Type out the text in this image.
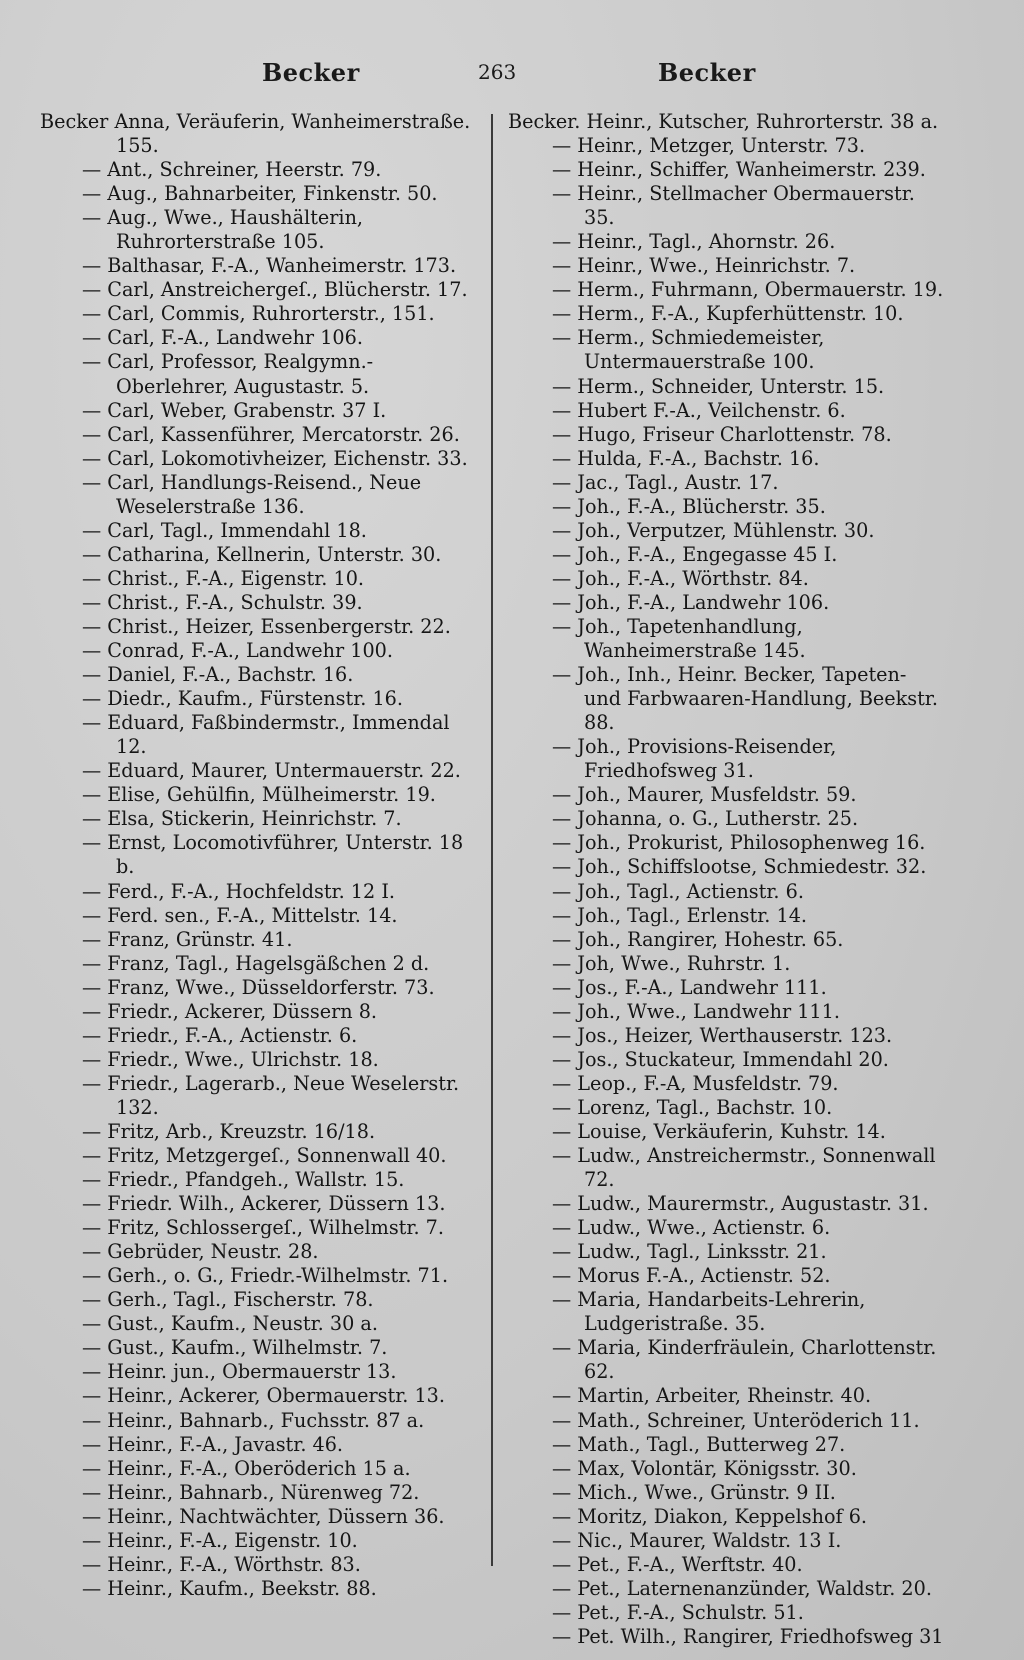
Becker	263	Becker

Becker Anna, Veräuferin, Wanheimerstraße. 155.

— Ant., Schreiner, Heerstr. 79.

— Aug., Bahnarbeiter, Finkenstr. 50.

— Aug., Wwe., Haushälterin, Ruhrorterstraße 105.

— Balthasar, F.-A., Wanheimerstr. 173.

— Carl, Anstreichergeſ., Blücherstr. 17.

— Carl, Commis, Ruhrorterstr., 151.

— Carl, F.-A., Landwehr 106.

— Carl, Professor, Realgymn.-Oberlehrer, Augustastr. 5.

— Carl, Weber, Grabenstr. 37 I.

— Carl, Kassenführer, Mercatorstr. 26.

— Carl, Lokomotivheizer, Eichenstr. 33.

— Carl, Handlungs-Reisend., Neue Weselerstraße 136.

— Carl, Tagl., Immendahl 18.

— Catharina, Kellnerin, Unterstr. 30.

— Christ., F.-A., Eigenstr. 10.

— Christ., F.-A., Schulstr. 39.

— Christ., Heizer, Essenbergerstr. 22.

— Conrad, F.-A., Landwehr 100.

— Daniel, F.-A., Bachstr. 16.

— Diedr., Kaufm., Fürstenstr. 16.

— Eduard, Faßbindermstr., Immendal 12.

— Eduard, Maurer, Untermauerstr. 22.

— Elise, Gehülfin, Mülheimerstr. 19.

— Elsa, Stickerin, Heinrichstr. 7.

— Ernst, Locomotivführer, Unterstr. 18 b.

— Ferd., F.-A., Hochfeldstr. 12 I.

— Ferd. sen., F.-A., Mittelstr. 14.

— Franz, Grünstr. 41.

— Franz, Tagl., Hagelsgäßchen 2 d.

— Franz, Wwe., Düsseldorferstr. 73.

— Friedr., Ackerer, Düssern 8.

— Friedr., F.-A., Actienstr. 6.

— Friedr., Wwe., Ulrichstr. 18.

— Friedr., Lagerarb., Neue Weselerstr. 132.

— Fritz, Arb., Kreuzstr. 16/18.

— Fritz, Metzgergeſ., Sonnenwall 40.

— Friedr., Pfandgeh., Wallstr. 15.

— Friedr. Wilh., Ackerer, Düssern 13.

— Fritz, Schlossergeſ., Wilhelmstr. 7.

— Gebrüder, Neustr. 28.

— Gerh., o. G., Friedr.-Wilhelmstr. 71.

— Gerh., Tagl., Fischerstr. 78.

— Gust., Kaufm., Neustr. 30 a.

— Gust., Kaufm., Wilhelmstr. 7.

— Heinr. jun., Obermauerstr 13.

— Heinr., Ackerer, Obermauerstr. 13.

— Heinr., Bahnarb., Fuchsstr. 87 a.

— Heinr., F.-A., Javastr. 46.

— Heinr., F.-A., Oberöderich 15 a.

— Heinr., Bahnarb., Nürenweg 72.

— Heinr., Nachtwächter, Düssern 36.

— Heinr., F.-A., Eigenstr. 10.

— Heinr., F.-A., Wörthstr. 83.

— Heinr., Kaufm., Beekstr. 88.

Becker. Heinr., Kutscher, Ruhrorterstr. 38 a.

— Heinr., Metzger, Unterstr. 73.

— Heinr., Schiffer, Wanheimerstr. 239.

— Heinr., Stellmacher Obermauerstr. 35.

— Heinr., Tagl., Ahornstr. 26.

— Heinr., Wwe., Heinrichstr. 7.

— Herm., Fuhrmann, Obermauerstr. 19.

— Herm., F.-A., Kupferhüttenstr. 10.

— Herm., Schmiedemeister, Untermauerstraße 100.

— Herm., Schneider, Unterstr. 15.

— Hubert F.-A., Veilchenstr. 6.

— Hugo, Friseur Charlottenstr. 78.

— Hulda, F.-A., Bachstr. 16.

— Jac., Tagl., Austr. 17.

— Joh., F.-A., Blücherstr. 35.

— Joh., Verputzer, Mühlenstr. 30.

— Joh., F.-A., Engegasse 45 I.

— Joh., F.-A., Wörthstr. 84.

— Joh., F.-A., Landwehr 106.

— Joh., Tapetenhandlung, Wanheimerstraße 145.

— Joh., Inh., Heinr. Becker, Tapeten- und Farbwaaren-Handlung, Beekstr. 88.

— Joh., Provisions-Reisender, Friedhofsweg 31.

— Joh., Maurer, Musfeldstr. 59.

— Johanna, o. G., Lutherstr. 25.

— Joh., Prokurist, Philosophenweg 16.

— Joh., Schiffslootse, Schmiedestr. 32.

— Joh., Tagl., Actienstr. 6.

— Joh., Tagl., Erlenstr. 14.

— Joh., Rangirer, Hohestr. 65.

— Joh, Wwe., Ruhrstr. 1.

— Jos., F.-A., Landwehr 111.

— Joh., Wwe., Landwehr 111.

— Jos., Heizer, Werthauserstr. 123.

— Jos., Stuckateur, Immendahl 20.

— Leop., F.-A, Musfeldstr. 79.

— Lorenz, Tagl., Bachstr. 10.

— Louise, Verkäuferin, Kuhstr. 14.

— Ludw., Anstreichermstr., Sonnenwall 72.

— Ludw., Maurermstr., Augustastr. 31.

— Ludw., Wwe., Actienstr. 6.

— Ludw., Tagl., Linksstr. 21.

— Morus F.-A., Actienstr. 52.

— Maria, Handarbeits-Lehrerin, Ludgeristraße. 35.

— Maria, Kinderfräulein, Charlottenstr. 62.

— Martin, Arbeiter, Rheinstr. 40.

— Math., Schreiner, Unteröderich 11.

— Math., Tagl., Butterweg 27.

— Max, Volontär, Königsstr. 30.

— Mich., Wwe., Grünstr. 9 II.

— Moritz, Diakon, Keppelshof 6.

— Nic., Maurer, Waldstr. 13 I.

— Pet., F.-A., Werftstr. 40.

— Pet., Laternenanzünder, Waldstr. 20.

— Pet., F.-A., Schulstr. 51.

— Pet. Wilh., Rangirer, Friedhofsweg 31
